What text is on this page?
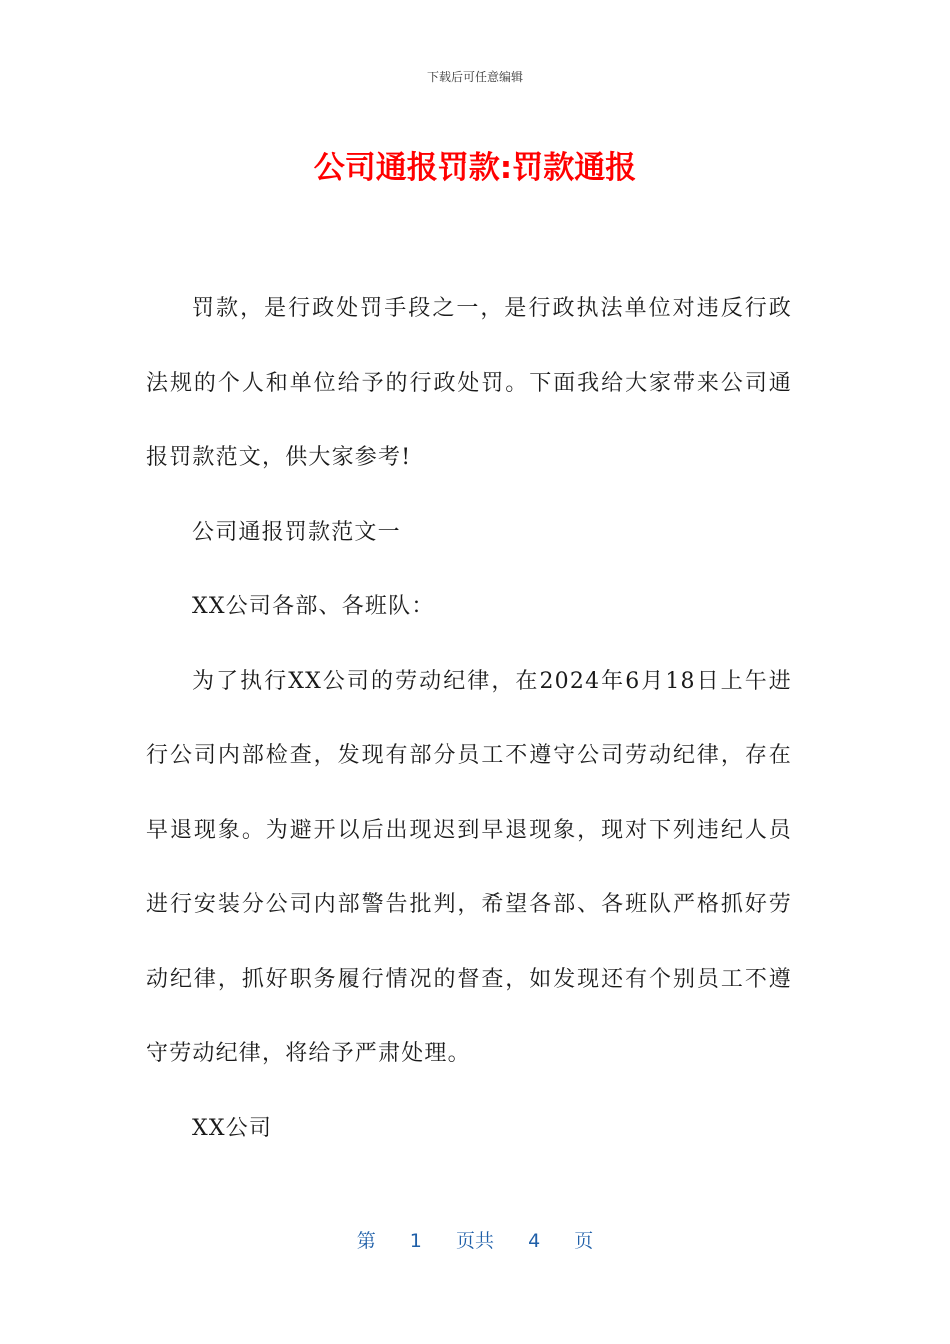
下载后可任意编辑
公司通报罚款:罚款通报

罚款，是行政处罚手段之一，是行政执法单位对违反行政法规的个人和单位给予的行政处罚。下面我给大家带来公司通报罚款范文，供大家参考!

公司通报罚款范文一

XX公司各部、各班队：

为了执行XX公司的劳动纪律，在2024年6月18日上午进行公司内部检查，发现有部分员工不遵守公司劳动纪律，存在早退现象。为避开以后出现迟到早退现象，现对下列违纪人员进行安装分公司内部警告批判，希望各部、各班队严格抓好劳动纪律，抓好职务履行情况的督查，如发现还有个别员工不遵守劳动纪律，将给予严肃处理。

XX公司

第 1 页共 4 页
